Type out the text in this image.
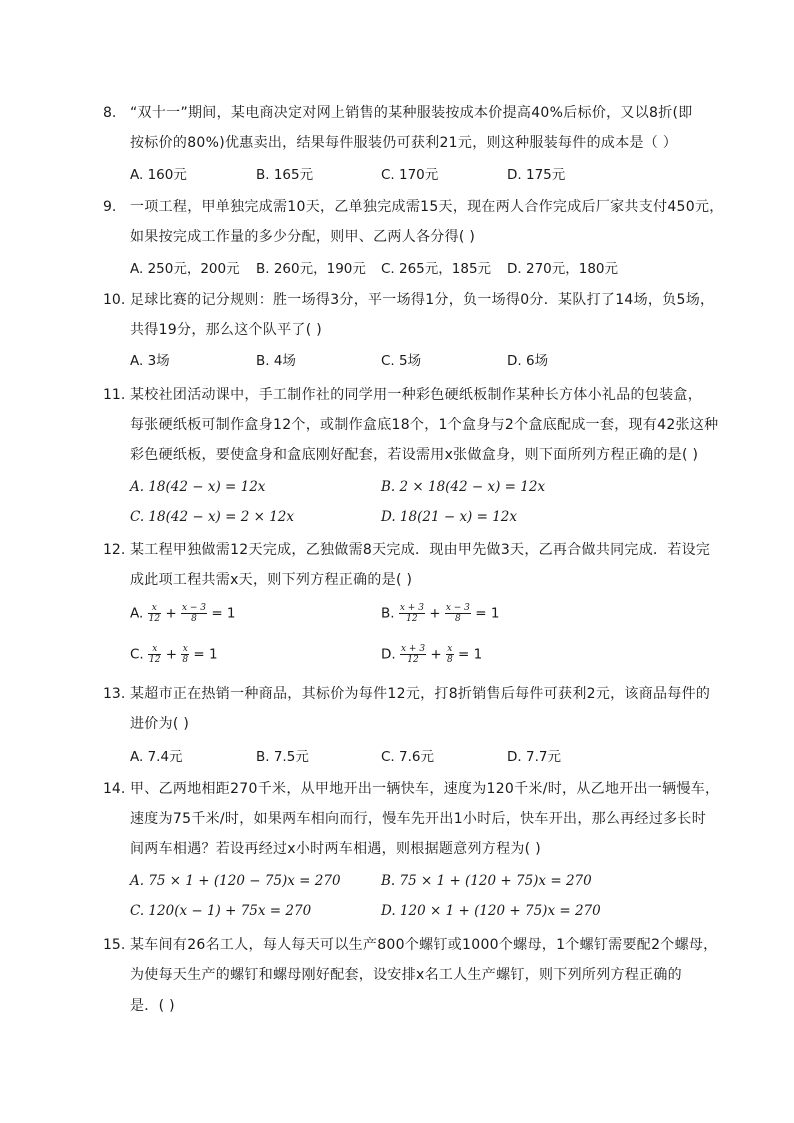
8. “双十一”期间，某电商决定对网上销售的某种服装按成本价提高40%后标价，又以8折(即
按标价的80%)优惠卖出，结果每件服装仍可获利21元，则这种服装每件的成本是（ ）
A. 160元	B. 165元	C. 170元	D. 175元
9. 一项工程，甲单独完成需10天，乙单独完成需15天，现在两人合作完成后厂家共支付450元，
如果按完成工作量的多少分配，则甲、乙两人各分得( )
A. 250元，200元 B. 260元，190元 C. 265元，185元 D. 270元，180元
10. 足球比赛的记分规则：胜一场得3分，平一场得1分，负一场得0分．某队打了14场，负5场，
共得19分，那么这个队平了( )
A. 3场	B. 4场	C. 5场	D. 6场
11. 某校社团活动课中，手工制作社的同学用一种彩色硬纸板制作某种长方体小礼品的包装盒，
每张硬纸板可制作盒身12个，或制作盒底18个，1个盒身与2个盒底配成一套，现有42张这种
彩色硬纸板，要使盒身和盒底刚好配套，若设需用x张做盒身，则下面所列方程正确的是( )
A. 18(42 − x) = 12x	B. 2 × 18(42 − x) = 12x
C. 18(42 − x) = 2 × 12x	D. 18(21 − x) = 12x
12. 某工程甲独做需12天完成，乙独做需8天完成．现由甲先做3天，乙再合做共同完成．若设完
成此项工程共需x天，则下列方程正确的是( )
A. $\frac{x}{12} + \frac{x - 3}{8} = 1$	B. $\frac{x + 3}{12} + \frac{x - 3}{8} = 1$
C. $\frac{x}{12} + \frac{x}{8} = 1$	D. $\frac{x + 3}{12} + \frac{x}{8} = 1$
13. 某超市正在热销一种商品，其标价为每件12元，打8折销售后每件可获利2元，该商品每件的
进价为( )
A. 7.4元	B. 7.5元	C. 7.6元	D. 7.7元
14. 甲、乙两地相距270千米，从甲地开出一辆快车，速度为120千米/时，从乙地开出一辆慢车，
速度为75千米/时，如果两车相向而行，慢车先开出1小时后，快车开出，那么再经过多长时
间两车相遇？若设再经过x小时两车相遇，则根据题意列方程为( )
A. 75 × 1 + (120 − 75)x = 270	B. 75 × 1 + (120 + 75)x = 270
C. 120(x − 1) + 75x = 270	D. 120 × 1 + (120 + 75)x = 270
15. 某车间有26名工人，每人每天可以生产800个螺钉或1000个螺母，1个螺钉需要配2个螺母，
为使每天生产的螺钉和螺母刚好配套，设安排x名工人生产螺钉，则下列所列方程正确的
是．( )
